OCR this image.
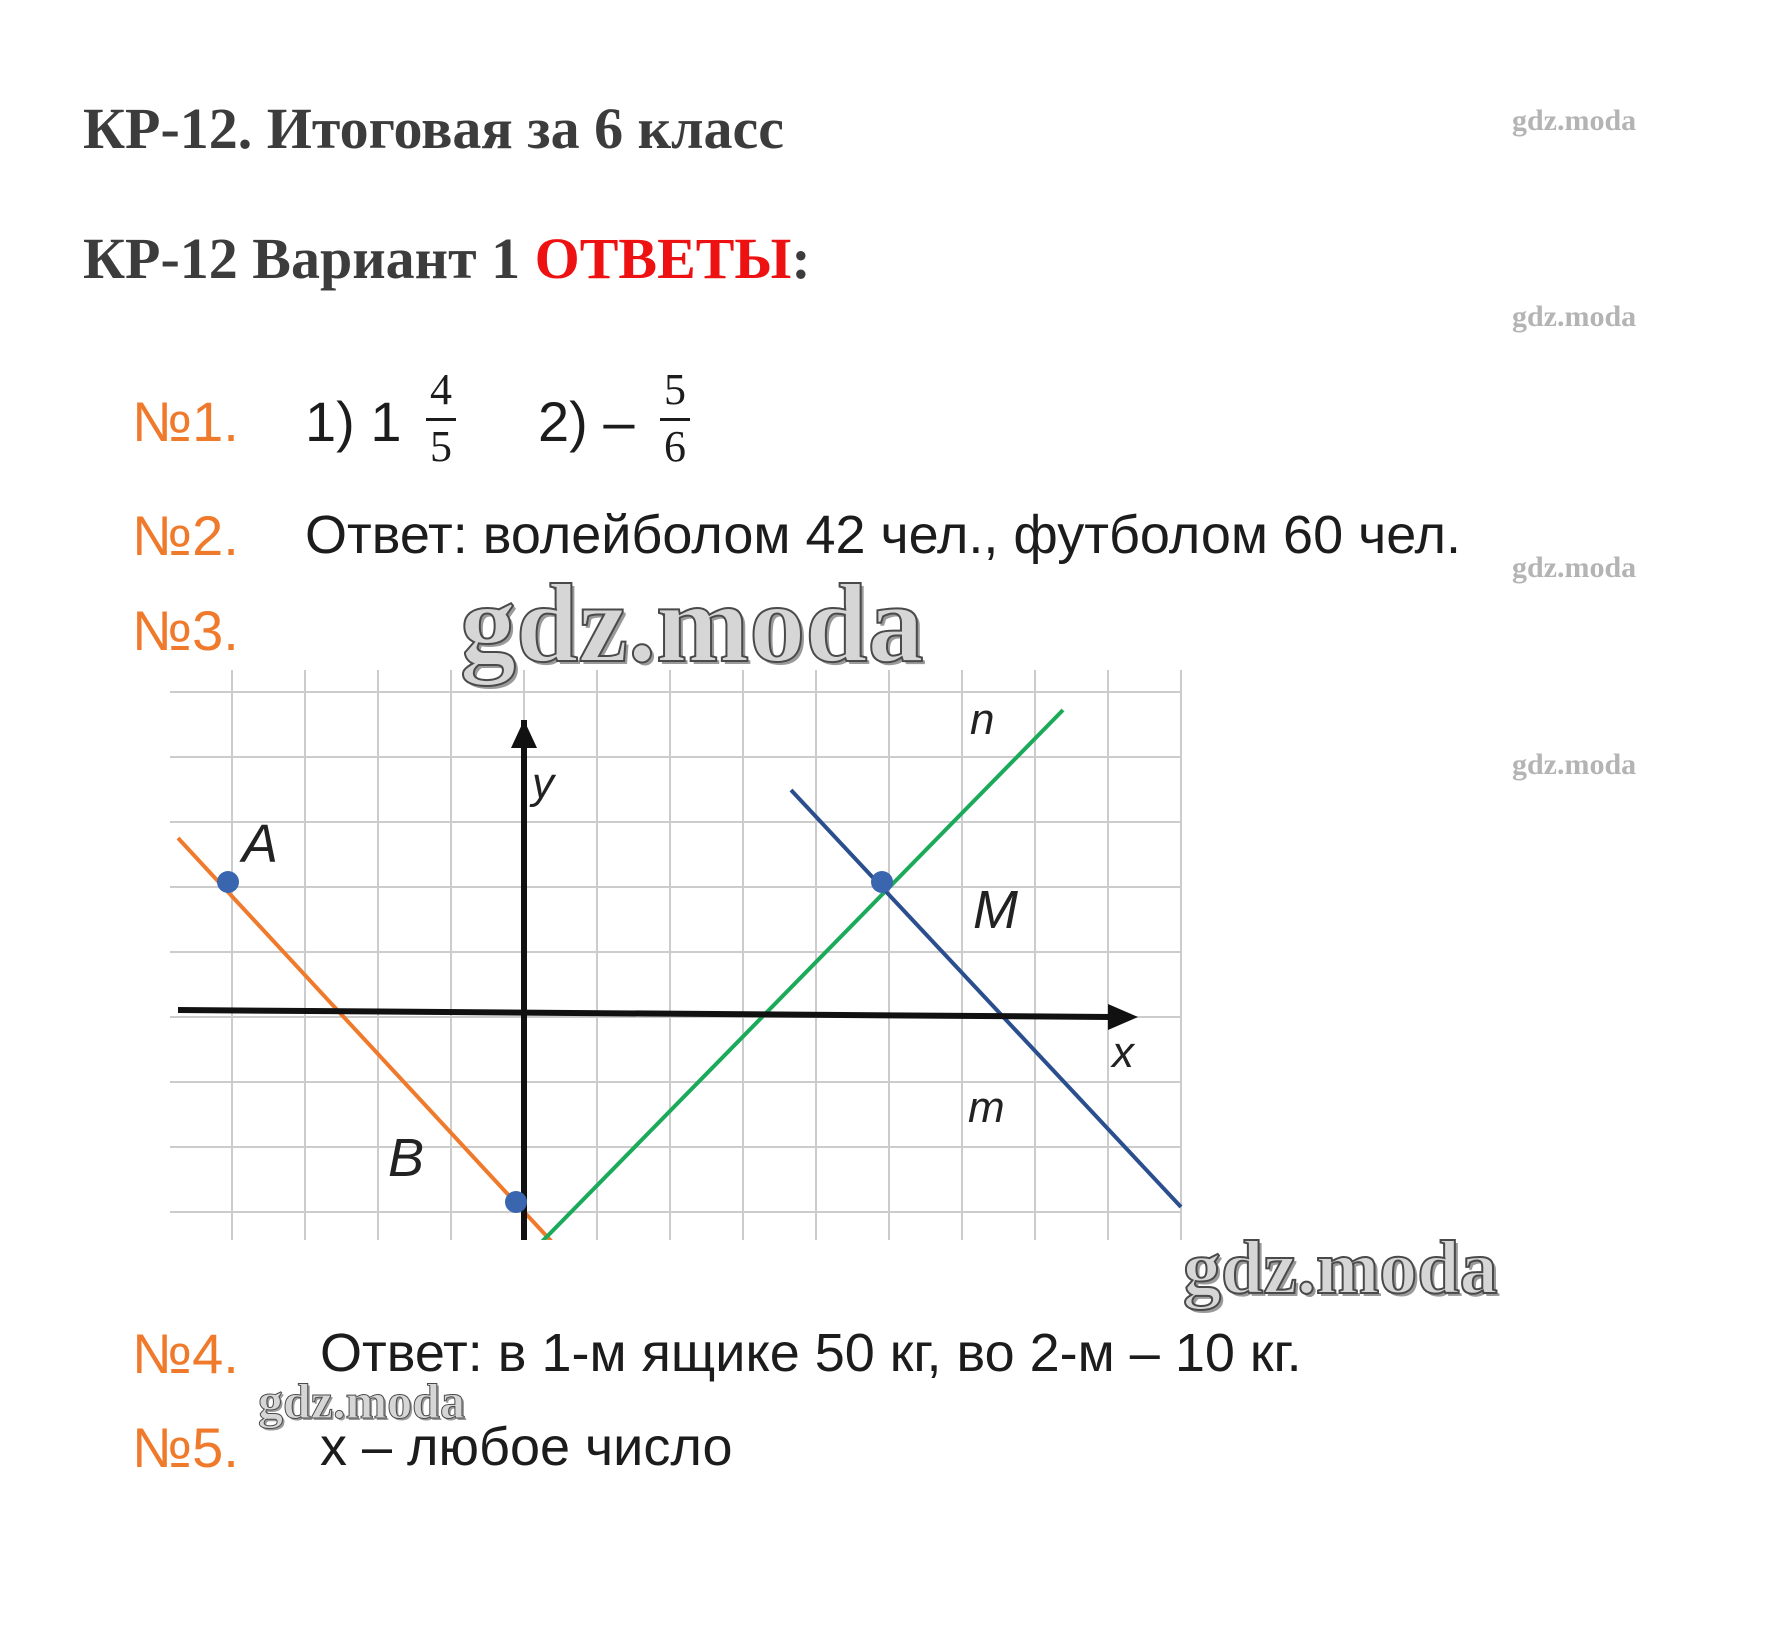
КР-12. Итоговая за 6 класс
КР-12 Вариант 1 ОТВЕТЫ:
gdz.moda
gdz.moda
gdz.moda
gdz.moda
№1. 1) 1
4
5 2) –
5
6
№2. Ответ: волейболом 42 чел., футболом 60 чел.
№3. gdz.moda
A
B
M
n
m
y
x
gdz.moda
№4. Ответ: в 1-м ящике 50 кг, во 2-м – 10 кг.
gdz.moda
№5. х – любое число
